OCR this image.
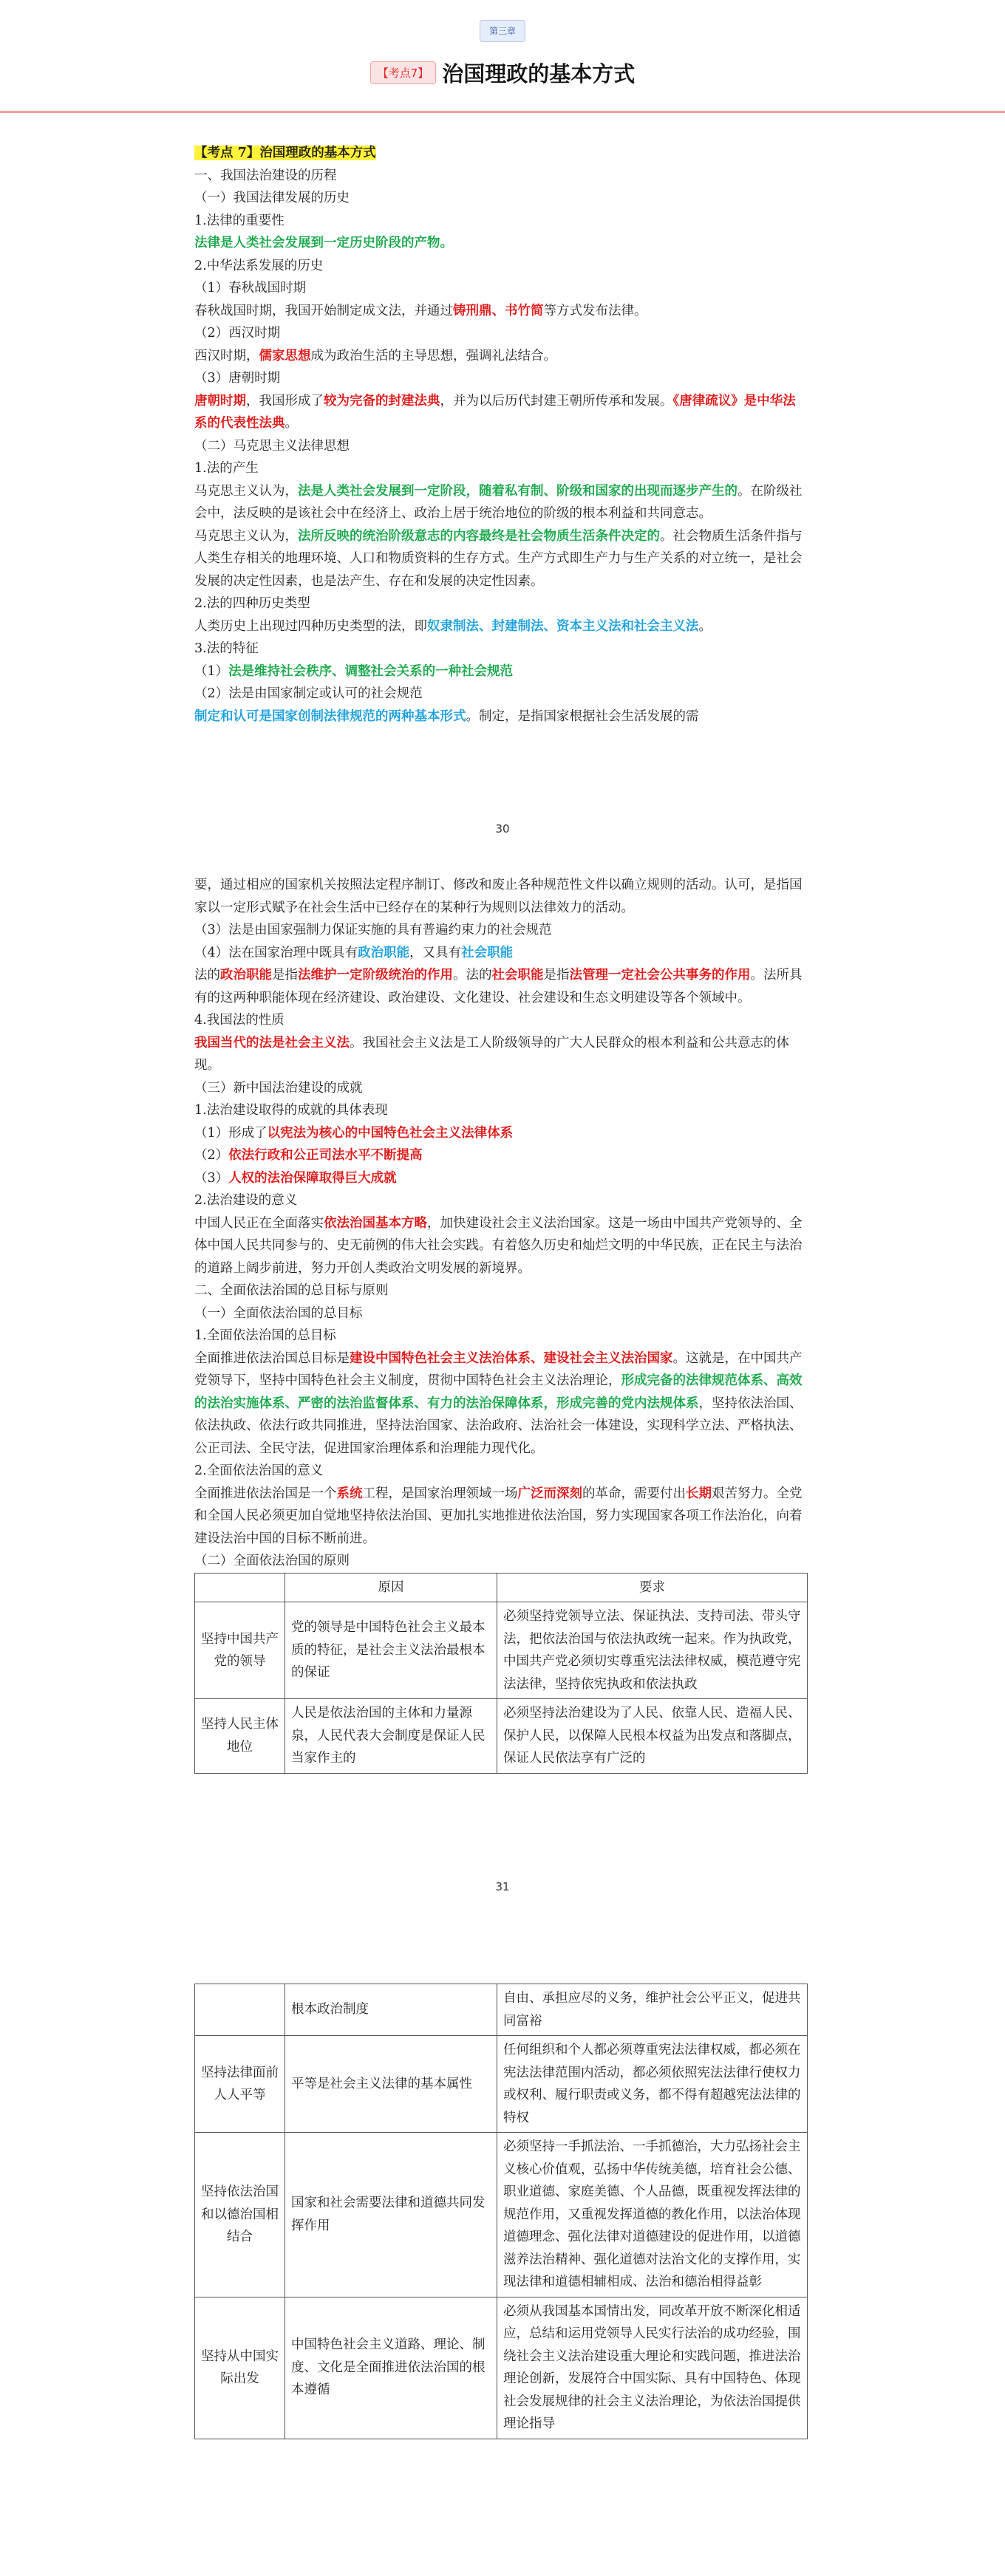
第三章
【考点7】 治国理政的基本方式

【考点 7】治国理政的基本方式

一、我国法治建设的历程

（一）我国法律发展的历史

1.法律的重要性

法律是人类社会发展到一定历史阶段的产物。

2.中华法系发展的历史

（1）春秋战国时期

春秋战国时期，我国开始制定成文法，并通过铸刑鼎、书竹简等方式发布法律。

（2）西汉时期

西汉时期，儒家思想成为政治生活的主导思想，强调礼法结合。

（3）唐朝时期

唐朝时期，我国形成了较为完备的封建法典，并为以后历代封建王朝所传承和发展。《唐律疏议》是中华法系的代表性法典。

（二）马克思主义法律思想

1.法的产生

马克思主义认为，法是人类社会发展到一定阶段，随着私有制、阶级和国家的出现而逐步产生的。在阶级社会中，法反映的是该社会中在经济上、政治上居于统治地位的阶级的根本利益和共同意志。

马克思主义认为，法所反映的统治阶级意志的内容最终是社会物质生活条件决定的。社会物质生活条件指与人类生存相关的地理环境、人口和物质资料的生存方式。生产方式即生产力与生产关系的对立统一，是社会发展的决定性因素，也是法产生、存在和发展的决定性因素。

2.法的四种历史类型

人类历史上出现过四种历史类型的法，即奴隶制法、封建制法、资本主义法和社会主义法。

3.法的特征

（1）法是维持社会秩序、调整社会关系的一种社会规范

（2）法是由国家制定或认可的社会规范

制定和认可是国家创制法律规范的两种基本形式。制定，是指国家根据社会生活发展的需

30

要，通过相应的国家机关按照法定程序制订、修改和废止各种规范性文件以确立规则的活动。认可，是指国家以一定形式赋予在社会生活中已经存在的某种行为规则以法律效力的活动。

（3）法是由国家强制力保证实施的具有普遍约束力的社会规范

（4）法在国家治理中既具有政治职能，又具有社会职能

法的政治职能是指法维护一定阶级统治的作用。法的社会职能是指法管理一定社会公共事务的作用。法所具有的这两种职能体现在经济建设、政治建设、文化建设、社会建设和生态文明建设等各个领域中。

4.我国法的性质

我国当代的法是社会主义法。我国社会主义法是工人阶级领导的广大人民群众的根本利益和公共意志的体现。

（三）新中国法治建设的成就

1.法治建设取得的成就的具体表现

（1）形成了以宪法为核心的中国特色社会主义法律体系

（2）依法行政和公正司法水平不断提高

（3）人权的法治保障取得巨大成就

2.法治建设的意义

中国人民正在全面落实依法治国基本方略，加快建设社会主义法治国家。这是一场由中国共产党领导的、全体中国人民共同参与的、史无前例的伟大社会实践。有着悠久历史和灿烂文明的中华民族，正在民主与法治的道路上阔步前进，努力开创人类政治文明发展的新境界。

二、全面依法治国的总目标与原则

（一）全面依法治国的总目标

1.全面依法治国的总目标

全面推进依法治国总目标是建设中国特色社会主义法治体系、建设社会主义法治国家。这就是，在中国共产党领导下，坚持中国特色社会主义制度，贯彻中国特色社会主义法治理论，形成完备的法律规范体系、高效的法治实施体系、严密的法治监督体系、有力的法治保障体系，形成完善的党内法规体系，坚持依法治国、依法执政、依法行政共同推进，坚持法治国家、法治政府、法治社会一体建设，实现科学立法、严格执法、公正司法、全民守法，促进国家治理体系和治理能力现代化。

2.全面依法治国的意义

全面推进依法治国是一个系统工程，是国家治理领域一场广泛而深刻的革命，需要付出长期艰苦努力。全党和全国人民必须更加自觉地坚持依法治国、更加扎实地推进依法治国，努力实现国家各项工作法治化，向着建设法治中国的目标不断前进。

（二）全面依法治国的原则

	原因	要求
坚持中国共产党的领导	党的领导是中国特色社会主义最本质的特征，是社会主义法治最根本的保证	必须坚持党领导立法、保证执法、支持司法、带头守法，把依法治国与依法执政统一起来。作为执政党，中国共产党必须切实尊重宪法法律权威，模范遵守宪法法律，坚持依宪执政和依法执政
坚持人民主体地位	人民是依法治国的主体和力量源泉，人民代表大会制度是保证人民当家作主的	必须坚持法治建设为了人民、依靠人民、造福人民、保护人民，以保障人民根本权益为出发点和落脚点，保证人民依法享有广泛的
31
	根本政治制度	自由、承担应尽的义务，维护社会公平正义，促进共同富裕
坚持法律面前人人平等	平等是社会主义法律的基本属性	任何组织和个人都必须尊重宪法法律权威，都必须在宪法法律范围内活动，都必须依照宪法法律行使权力或权利、履行职责或义务，都不得有超越宪法法律的特权
坚持依法治国和以德治国相结合	国家和社会需要法律和道德共同发挥作用	必须坚持一手抓法治、一手抓德治，大力弘扬社会主义核心价值观，弘扬中华传统美德，培育社会公德、职业道德、家庭美德、个人品德，既重视发挥法律的规范作用，又重视发挥道德的教化作用，以法治体现道德理念、强化法律对道德建设的促进作用，以道德滋养法治精神、强化道德对法治文化的支撑作用，实现法律和道德相辅相成、法治和德治相得益彰
坚持从中国实际出发	中国特色社会主义道路、理论、制度、文化是全面推进依法治国的根本遵循	必须从我国基本国情出发，同改革开放不断深化相适应，总结和运用党领导人民实行法治的成功经验，围绕社会主义法治建设重大理论和实践问题，推进法治理论创新，发展符合中国实际、具有中国特色、体现社会发展规律的社会主义法治理论，为依法治国提供理论指导
